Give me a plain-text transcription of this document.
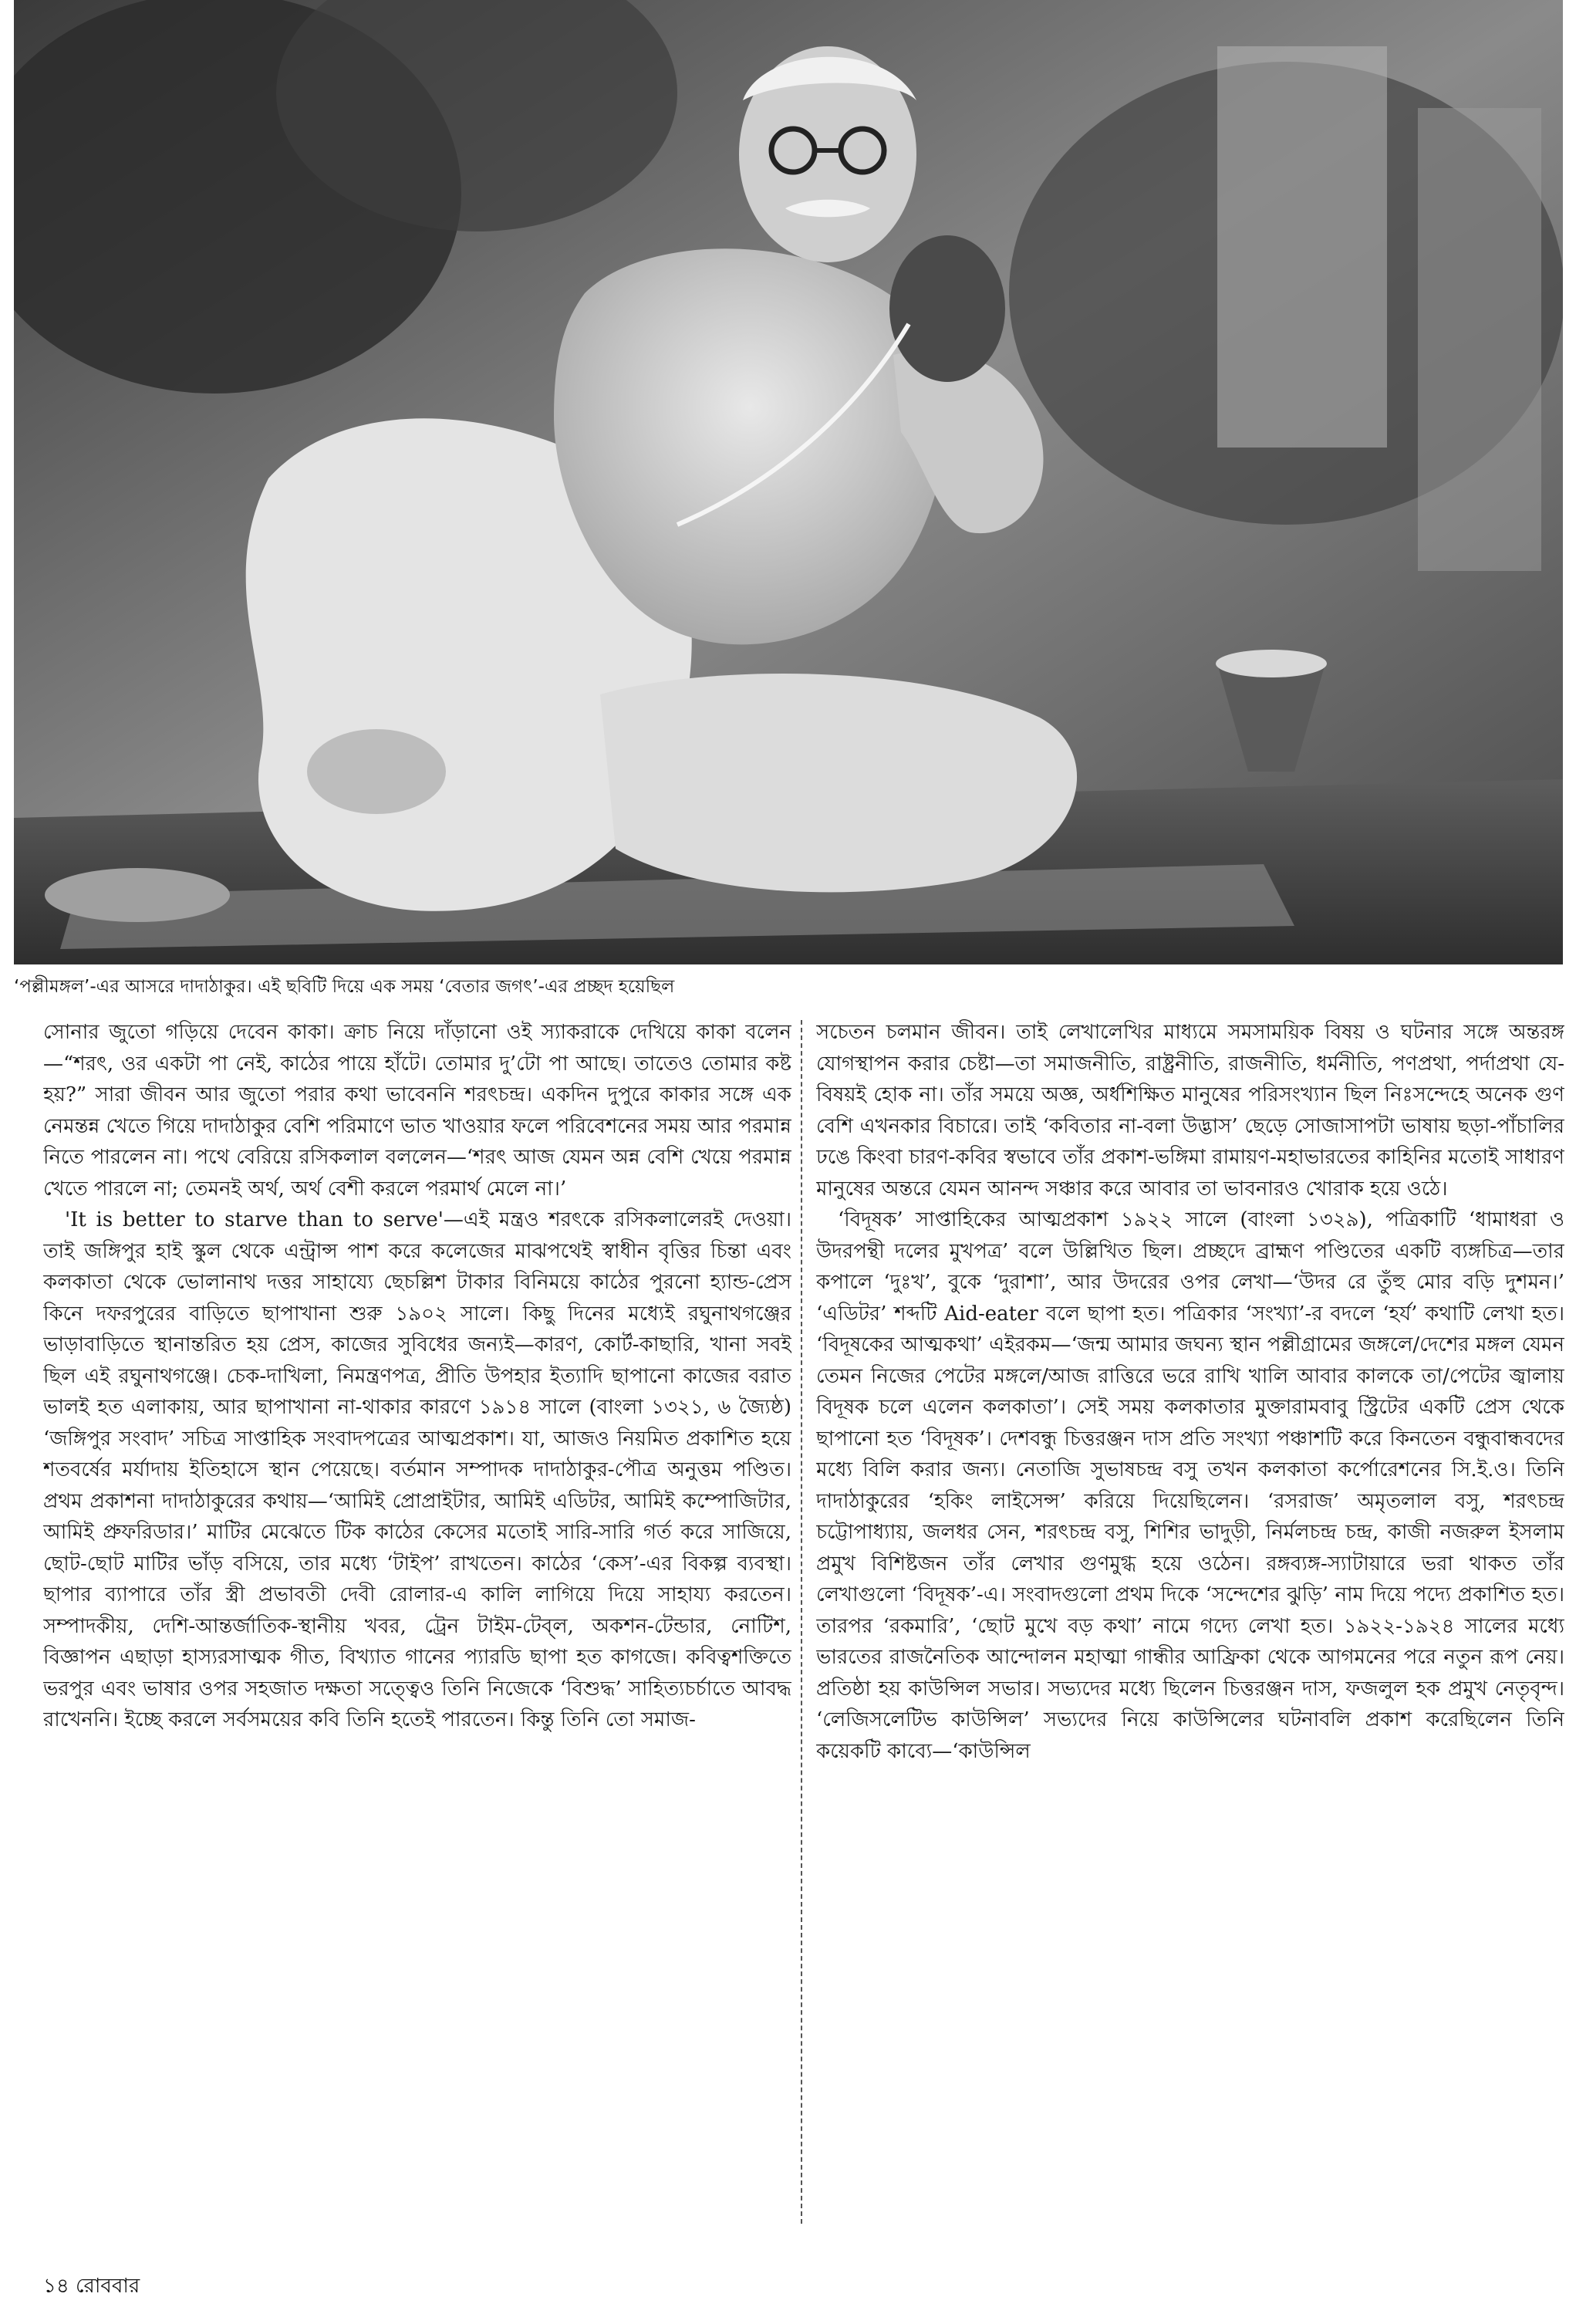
‘পল্লীমঙ্গল’-এর আসরে দাদাঠাকুর। এই ছবিটি দিয়ে এক সময় ‘বেতার জগৎ’-এর প্রচ্ছদ হয়েছিল

সোনার জুতো গড়িয়ে দেবেন কাকা। ক্রাচ নিয়ে দাঁড়ানো ওই স্যাকরাকে দেখিয়ে কাকা বলেন—“শরৎ, ওর একটা পা নেই, কাঠের পায়ে হাঁটে। তোমার দু’টো পা আছে। তাতেও তোমার কষ্ট হয়?” সারা জীবন আর জুতো পরার কথা ভাবেননি শরৎচন্দ্র। একদিন দুপুরে কাকার সঙ্গে এক নেমন্তন্ন খেতে গিয়ে দাদাঠাকুর বেশি পরিমাণে ভাত খাওয়ার ফলে পরিবেশনের সময় আর পরমান্ন নিতে পারলেন না। পথে বেরিয়ে রসিকলাল বললেন—‘শরৎ আজ যেমন অন্ন বেশি খেয়ে পরমান্ন খেতে পারলে না; তেমনই অর্থ, অর্থ বেশী করলে পরমার্থ মেলে না।’

'It is better to starve than to serve'—এই মন্ত্রও শরৎকে রসিকলালেরই দেওয়া। তাই জঙ্গিপুর হাই স্কুল থেকে এন্ট্রান্স পাশ করে কলেজের মাঝপথেই স্বাধীন বৃত্তির চিন্তা এবং কলকাতা থেকে ভোলানাথ দত্তর সাহায্যে ছেচল্লিশ টাকার বিনিময়ে কাঠের পুরনো হ্যান্ড-প্রেস কিনে দফরপুরের বাড়িতে ছাপাখানা শুরু ১৯০২ সালে। কিছু দিনের মধ্যেই রঘুনাথগঞ্জের ভাড়াবাড়িতে স্থানান্তরিত হয় প্রেস, কাজের সুবিধের জন্যই—কারণ, কোর্ট-কাছারি, খানা সবই ছিল এই রঘুনাথগঞ্জে। চেক-দাখিলা, নিমন্ত্রণপত্র, প্রীতি উপহার ইত্যাদি ছাপানো কাজের বরাত ভালই হত এলাকায়, আর ছাপাখানা না-থাকার কারণে ১৯১৪ সালে (বাংলা ১৩২১, ৬ জ্যৈষ্ঠ) ‘জঙ্গিপুর সংবাদ’ সচিত্র সাপ্তাহিক সংবাদপত্রের আত্মপ্রকাশ। যা, আজও নিয়মিত প্রকাশিত হয়ে শতবর্ষের মর্যাদায় ইতিহাসে স্থান পেয়েছে। বর্তমান সম্পাদক দাদাঠাকুর-পৌত্র অনুত্তম পণ্ডিত। প্রথম প্রকাশনা দাদাঠাকুরের কথায়—‘আমিই প্রোপ্রাইটার, আমিই এডিটর, আমিই কম্পোজিটার, আমিই প্রুফরিডার।’ মাটির মেঝেতে টিক কাঠের কেসের মতোই সারি-সারি গর্ত করে সাজিয়ে, ছোট-ছোট মাটির ভাঁড় বসিয়ে, তার মধ্যে ‘টাইপ’ রাখতেন। কাঠের ‘কেস’-এর বিকল্প ব্যবস্থা। ছাপার ব্যাপারে তাঁর স্ত্রী প্রভাবতী দেবী রোলার-এ কালি লাগিয়ে দিয়ে সাহায্য করতেন। সম্পাদকীয়, দেশি-আন্তর্জাতিক-স্থানীয় খবর, ট্রেন টাইম-টেব্‌ল, অকশন-টেন্ডার, নোটিশ, বিজ্ঞাপন এছাড়া হাস্যরসাত্মক গীত, বিখ্যাত গানের প্যারডি ছাপা হত কাগজে। কবিত্বশক্তিতে ভরপুর এবং ভাষার ওপর সহজাত দক্ষতা সত্ত্বেও তিনি নিজেকে ‘বিশুদ্ধ’ সাহিত্যচর্চাতে আবদ্ধ রাখেননি। ইচ্ছে করলে সর্বসময়ের কবি তিনি হতেই পারতেন। কিন্তু তিনি তো সমাজ-

সচেতন চলমান জীবন। তাই লেখালেখির মাধ্যমে সমসাময়িক বিষয় ও ঘটনার সঙ্গে অন্তরঙ্গ যোগস্থাপন করার চেষ্টা—তা সমাজনীতি, রাষ্ট্রনীতি, রাজনীতি, ধর্মনীতি, পণপ্রথা, পর্দাপ্রথা যে-বিষয়ই হোক না। তাঁর সময়ে অজ্ঞ, অর্ধশিক্ষিত মানুষের পরিসংখ্যান ছিল নিঃসন্দেহে অনেক গুণ বেশি এখনকার বিচারে। তাই ‘কবিতার না-বলা উদ্ভাস’ ছেড়ে সোজাসাপটা ভাষায় ছড়া-পাঁচালির ঢঙে কিংবা চারণ-কবির স্বভাবে তাঁর প্রকাশ-ভঙ্গিমা রামায়ণ-মহাভারতের কাহিনির মতোই সাধারণ মানুষের অন্তরে যেমন আনন্দ সঞ্চার করে আবার তা ভাবনারও খোরাক হয়ে ওঠে।

‘বিদূষক’ সাপ্তাহিকের আত্মপ্রকাশ ১৯২২ সালে (বাংলা ১৩২৯), পত্রিকাটি ‘ধামাধরা ও উদরপন্থী দলের মুখপত্র’ বলে উল্লিখিত ছিল। প্রচ্ছদে ব্রাহ্মণ পণ্ডিতের একটি ব্যঙ্গচিত্র—তার কপালে ‘দুঃখ’, বুকে ‘দুরাশা’, আর উদরের ওপর লেখা—‘উদর রে তুঁহু মোর বড়ি দুশমন।’ ‘এডিটর’ শব্দটি Aid-eater বলে ছাপা হত। পত্রিকার ‘সংখ্যা’-র বদলে ‘হর্য’ কথাটি লেখা হত। ‘বিদূষকের আত্মকথা’ এইরকম—‘জন্ম আমার জঘন্য স্থান পল্লীগ্রামের জঙ্গলে/দেশের মঙ্গল যেমন তেমন নিজের পেটের মঙ্গলে/আজ রাত্তিরে ভরে রাখি খালি আবার কালকে তা/পেটের জ্বালায় বিদূষক চলে এলেন কলকাতা’। সেই সময় কলকাতার মুক্তারামবাবু স্ট্রিটের একটি প্রেস থেকে ছাপানো হত ‘বিদূষক’। দেশবন্ধু চিত্তরঞ্জন দাস প্রতি সংখ্যা পঞ্চাশটি করে কিনতেন বন্ধুবান্ধবদের মধ্যে বিলি করার জন্য। নেতাজি সুভাষচন্দ্র বসু তখন কলকাতা কর্পোরেশনের সি.ই.ও। তিনি দাদাঠাকুরের ‘হকিং লাইসেন্স’ করিয়ে দিয়েছিলেন। ‘রসরাজ’ অমৃতলাল বসু, শরৎচন্দ্র চট্টোপাধ্যায়, জলধর সেন, শরৎচন্দ্র বসু, শিশির ভাদুড়ী, নির্মলচন্দ্র চন্দ্র, কাজী নজরুল ইসলাম প্রমুখ বিশিষ্টজন তাঁর লেখার গুণমুগ্ধ হয়ে ওঠেন। রঙ্গব্যঙ্গ-স্যাটায়ারে ভরা থাকত তাঁর লেখাগুলো ‘বিদূষক’-এ। সংবাদগুলো প্রথম দিকে ‘সন্দেশের ঝুড়ি’ নাম দিয়ে পদ্যে প্রকাশিত হত। তারপর ‘রকমারি’, ‘ছোট মুখে বড় কথা’ নামে গদ্যে লেখা হত। ১৯২২-১৯২৪ সালের মধ্যে ভারতের রাজনৈতিক আন্দোলন মহাত্মা গান্ধীর আফ্রিকা থেকে আগমনের পরে নতুন রূপ নেয়। প্রতিষ্ঠা হয় কাউন্সিল সভার। সভ্যদের মধ্যে ছিলেন চিত্তরঞ্জন দাস, ফজলুল হক প্রমুখ নেতৃবৃন্দ। ‘লেজিসলেটিভ কাউন্সিল’ সভ্যদের নিয়ে কাউন্সিলের ঘটনাবলি প্রকাশ করেছিলেন তিনি কয়েকটি কাব্যে—‘কাউন্সিল

১৪ রোববার
